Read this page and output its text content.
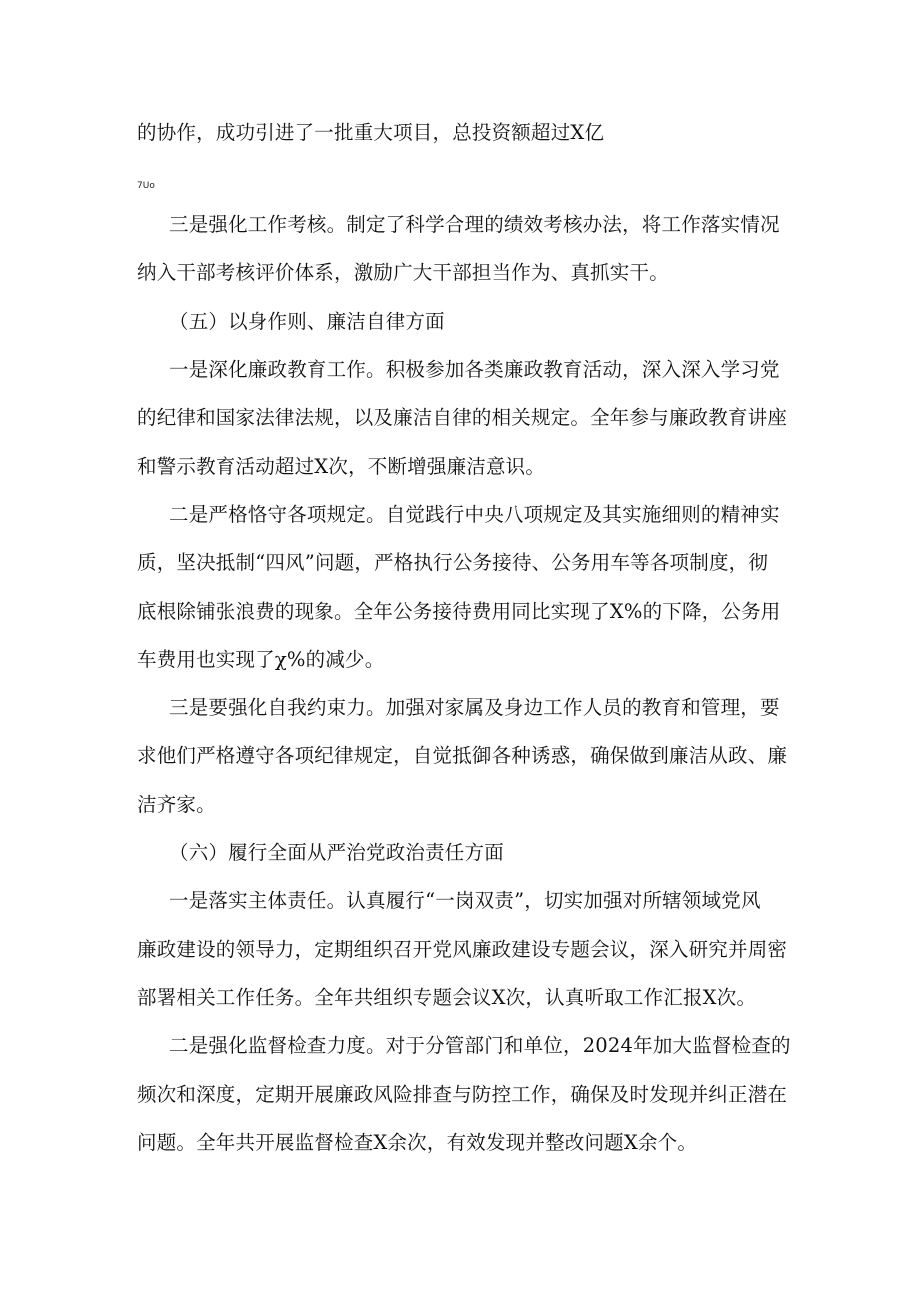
的协作，成功引进了一批重大项目，总投资额超过X亿
7Uo
三是强化工作考核。制定了科学合理的绩效考核办法，将工作落实情况
纳入干部考核评价体系，激励广大干部担当作为、真抓实干。
（五）以身作则、廉洁自律方面
一是深化廉政教育工作。积极参加各类廉政教育活动，深入深入学习党
的纪律和国家法律法规，以及廉洁自律的相关规定。全年参与廉政教育讲座
和警示教育活动超过X次，不断增强廉洁意识。
二是严格恪守各项规定。自觉践行中央八项规定及其实施细则的精神实
质，坚决抵制“四风”问题，严格执行公务接待、公务用车等各项制度，彻
底根除铺张浪费的现象。全年公务接待费用同比实现了X%的下降，公务用
车费用也实现了χ%的减少。
三是要强化自我约束力。加强对家属及身边工作人员的教育和管理，要
求他们严格遵守各项纪律规定，自觉抵御各种诱惑，确保做到廉洁从政、廉
洁齐家。
（六）履行全面从严治党政治责任方面
一是落实主体责任。认真履行“一岗双责”，切实加强对所辖领域党风
廉政建设的领导力，定期组织召开党风廉政建设专题会议，深入研究并周密
部署相关工作任务。全年共组织专题会议X次，认真听取工作汇报X次。
二是强化监督检查力度。对于分管部门和单位，2024年加大监督检查的
频次和深度，定期开展廉政风险排查与防控工作，确保及时发现并纠正潜在
问题。全年共开展监督检查X余次，有效发现并整改问题X余个。
